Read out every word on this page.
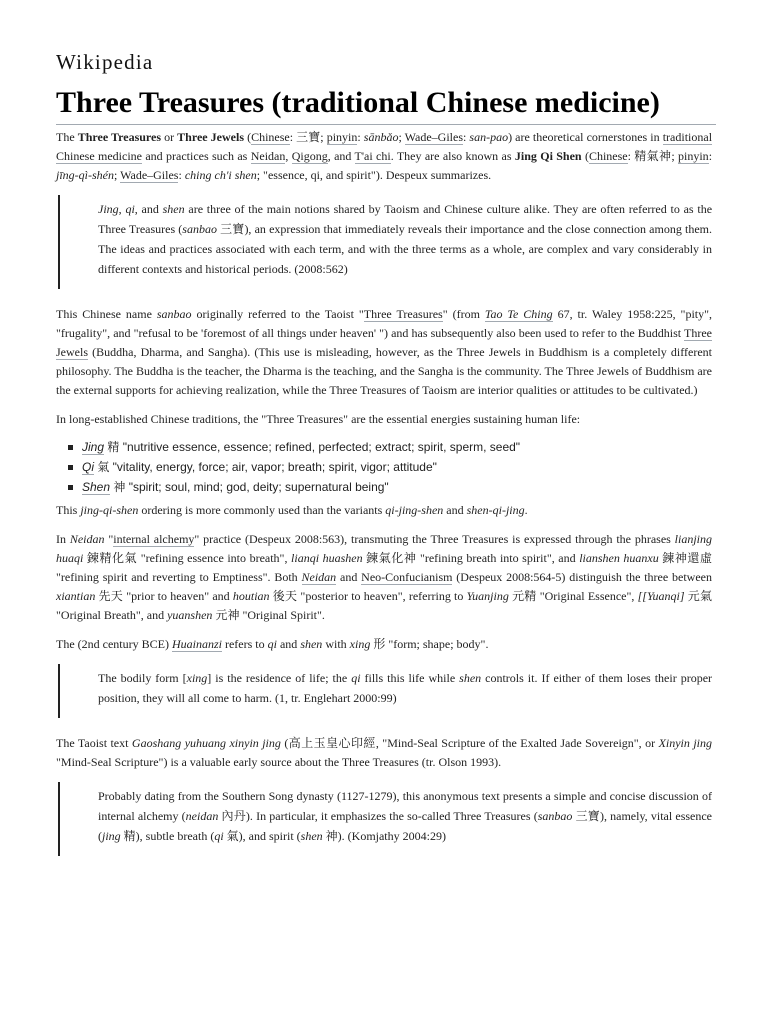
Wikipedia
Three Treasures (traditional Chinese medicine)

The Three Treasures or Three Jewels (Chinese: 三寶; pinyin: sānbǎo; Wade–Giles: san-pao) are theoretical cornerstones in traditional Chinese medicine and practices such as Neidan, Qigong, and T'ai chi. They are also known as Jing Qi Shen (Chinese: 精氣神; pinyin: jīng-qì-shén; Wade–Giles: ching ch'i shen; "essence, qi, and spirit"). Despeux summarizes.

Jing, qi, and shen are three of the main notions shared by Taoism and Chinese culture alike. They are often referred to as the Three Treasures (sanbao 三寶), an expression that immediately reveals their importance and the close connection among them. The ideas and practices associated with each term, and with the three terms as a whole, are complex and vary considerably in different contexts and historical periods. (2008:562)

This Chinese name sanbao originally referred to the Taoist "Three Treasures" (from Tao Te Ching 67, tr. Waley 1958:225, "pity", "frugality", and "refusal to be 'foremost of all things under heaven' ") and has subsequently also been used to refer to the Buddhist Three Jewels (Buddha, Dharma, and Sangha). (This use is misleading, however, as the Three Jewels in Buddhism is a completely different philosophy. The Buddha is the teacher, the Dharma is the teaching, and the Sangha is the community. The Three Jewels of Buddhism are the external supports for achieving realization, while the Three Treasures of Taoism are interior qualities or attitudes to be cultivated.)

In long-established Chinese traditions, the "Three Treasures" are the essential energies sustaining human life:

Jing 精 "nutritive essence, essence; refined, perfected; extract; spirit, sperm, seed"
Qi 氣 "vitality, energy, force; air, vapor; breath; spirit, vigor; attitude"
Shen 神 "spirit; soul, mind; god, deity; supernatural being"

This jing-qi-shen ordering is more commonly used than the variants qi-jing-shen and shen-qi-jing.

In Neidan "internal alchemy" practice (Despeux 2008:563), transmuting the Three Treasures is expressed through the phrases lianjing huaqi 鍊精化氣 "refining essence into breath", lianqi huashen 鍊氣化神 "refining breath into spirit", and lianshen huanxu 鍊神還虛 "refining spirit and reverting to Emptiness". Both Neidan and Neo-Confucianism (Despeux 2008:564-5) distinguish the three between xiantian 先天 "prior to heaven" and houtian 後天 "posterior to heaven", referring to Yuanjing 元精 "Original Essence", [[Yuanqi] 元氣 "Original Breath", and yuanshen 元神 "Original Spirit".

The (2nd century BCE) Huainanzi refers to qi and shen with xing 形 "form; shape; body".

The bodily form [xing] is the residence of life; the qi fills this life while shen controls it. If either of them loses their proper position, they will all come to harm. (1, tr. Englehart 2000:99)

The Taoist text Gaoshang yuhuang xinyin jing (高上玉皇心印經, "Mind-Seal Scripture of the Exalted Jade Sovereign", or Xinyin jing "Mind-Seal Scripture") is a valuable early source about the Three Treasures (tr. Olson 1993).

Probably dating from the Southern Song dynasty (1127-1279), this anonymous text presents a simple and concise discussion of internal alchemy (neidan 內丹). In particular, it emphasizes the so-called Three Treasures (sanbao 三寶), namely, vital essence (jing 精), subtle breath (qi 氣), and spirit (shen 神). (Komjathy 2004:29)
